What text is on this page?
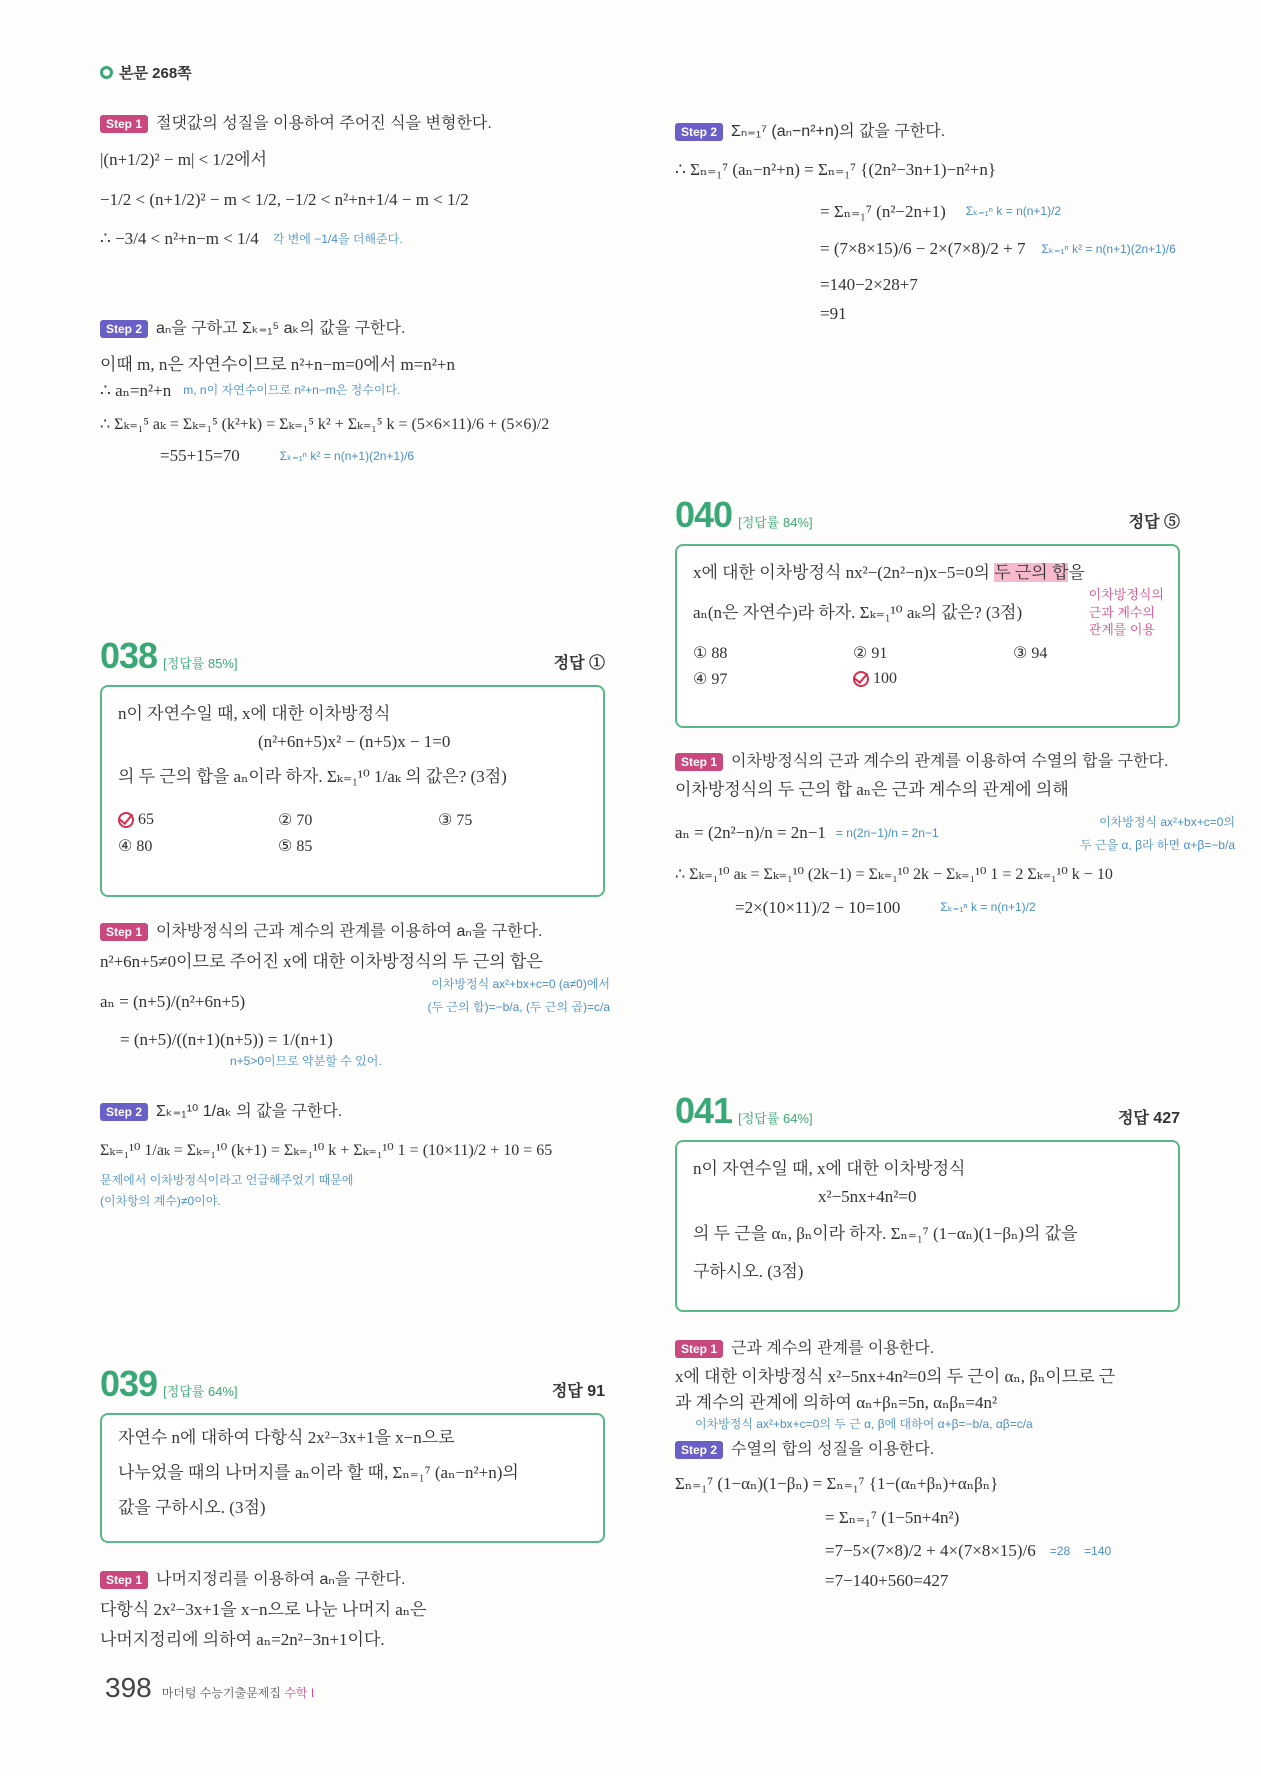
본문 268쪽
Step 1 절댓값의 성질을 이용하여 주어진 식을 변형한다.
|(n+1/2)² − m| < 1/2에서
−1/2 < (n+1/2)² − m < 1/2, −1/2 < n²+n+1/4 − m < 1/2
∴ −3/4 < n²+n−m < 1/4 각 변에 −1/4을 더해준다.
Step 2 aₙ을 구하고 Σₖ₌₁⁵ aₖ의 값을 구한다.
이때 m, n은 자연수이므로 n²+n−m=0에서 m=n²+n
∴ aₙ=n²+n m, n이 자연수이므로 n²+n−m은 정수이다.
∴ Σₖ₌₁⁵ aₖ = Σₖ₌₁⁵ (k²+k) = Σₖ₌₁⁵ k² + Σₖ₌₁⁵ k = (5×6×11)/6 + (5×6)/2
=55+15=70	Σₖ₌₁ⁿ k² = n(n+1)(2n+1)/6
038 [정답률 85%]	정답 ①
n이 자연수일 때, x에 대한 이차방정식
(n²+6n+5)x² − (n+5)x − 1=0
의 두 근의 합을 aₙ이라 하자. Σₖ₌₁¹⁰ 1/aₖ 의 값은? (3점)
65	② 70	③ 75
④ 80	⑤ 85
Step 1 이차방정식의 근과 계수의 관계를 이용하여 aₙ을 구한다.
n²+6n+5≠0이므로 주어진 x에 대한 이차방정식의 두 근의 합은
aₙ = (n+5)/(n²+6n+5)
이차방정식 ax²+bx+c=0 (a≠0)에서
(두 근의 합)=−b/a, (두 근의 곱)=c/a
= (n+5)/((n+1)(n+5)) = 1/(n+1)
n+5>0이므로 약분할 수 있어.
Step 2 Σₖ₌₁¹⁰ 1/aₖ 의 값을 구한다.
Σₖ₌₁¹⁰ 1/aₖ = Σₖ₌₁¹⁰ (k+1) = Σₖ₌₁¹⁰ k + Σₖ₌₁¹⁰ 1 = (10×11)/2 + 10 = 65
문제에서 이차방정식이라고 언급해주었기 때문에
(이차항의 계수)≠0이야.
039 [정답률 64%]	정답 91
자연수 n에 대하여 다항식 2x²−3x+1을 x−n으로
나누었을 때의 나머지를 aₙ이라 할 때, Σₙ₌₁⁷ (aₙ−n²+n)의
값을 구하시오. (3점)
Step 1 나머지정리를 이용하여 aₙ을 구한다.
다항식 2x²−3x+1을 x−n으로 나눈 나머지 aₙ은
나머지정리에 의하여 aₙ=2n²−3n+1이다.
Step 2 Σₙ₌₁⁷ (aₙ−n²+n)의 값을 구한다.
∴ Σₙ₌₁⁷ (aₙ−n²+n) = Σₙ₌₁⁷ {(2n²−3n+1)−n²+n}
= Σₙ₌₁⁷ (n²−2n+1) Σₖ₌₁ⁿ k = n(n+1)/2
= (7×8×15)/6 − 2×(7×8)/2 + 7 Σₖ₌₁ⁿ k² = n(n+1)(2n+1)/6
=140−2×28+7
=91
040 [정답률 84%]	정답 ⑤
x에 대한 이차방정식 nx²−(2n²−n)x−5=0의 두 근의 합을
aₙ(n은 자연수)라 하자. Σₖ₌₁¹⁰ aₖ의 값은? (3점)
이차방정식의
근과 계수의
관계를 이용
① 88	② 91	③ 94
④ 97	100
Step 1 이차방정식의 근과 계수의 관계를 이용하여 수열의 합을 구한다.
이차방정식의 두 근의 합 aₙ은 근과 계수의 관계에 의해
aₙ = (2n²−n)/n = 2n−1 = n(2n−1)/n = 2n−1
이차방정식 ax²+bx+c=0의
두 근을 α, β라 하면 α+β=−b/a
∴ Σₖ₌₁¹⁰ aₖ = Σₖ₌₁¹⁰ (2k−1) = Σₖ₌₁¹⁰ 2k − Σₖ₌₁¹⁰ 1 = 2 Σₖ₌₁¹⁰ k − 10
=2×(10×11)/2 − 10=100	Σₖ₌₁ⁿ k = n(n+1)/2
041 [정답률 64%]	정답 427
n이 자연수일 때, x에 대한 이차방정식
x²−5nx+4n²=0
의 두 근을 αₙ, βₙ이라 하자. Σₙ₌₁⁷ (1−αₙ)(1−βₙ)의 값을
구하시오. (3점)
Step 1 근과 계수의 관계를 이용한다.
x에 대한 이차방정식 x²−5nx+4n²=0의 두 근이 αₙ, βₙ이므로 근
과 계수의 관계에 의하여 αₙ+βₙ=5n, αₙβₙ=4n²
이차방정식 ax²+bx+c=0의 두 근 α, β에 대하여 α+β=−b/a, αβ=c/a
Step 2 수열의 합의 성질을 이용한다.
Σₙ₌₁⁷ (1−αₙ)(1−βₙ) = Σₙ₌₁⁷ {1−(αₙ+βₙ)+αₙβₙ}
= Σₙ₌₁⁷ (1−5n+4n²)
=7−5×(7×8)/2 + 4×(7×8×15)/6 =28 =140
=7−140+560=427
398 마더텅 수능기출문제집 수학 I
